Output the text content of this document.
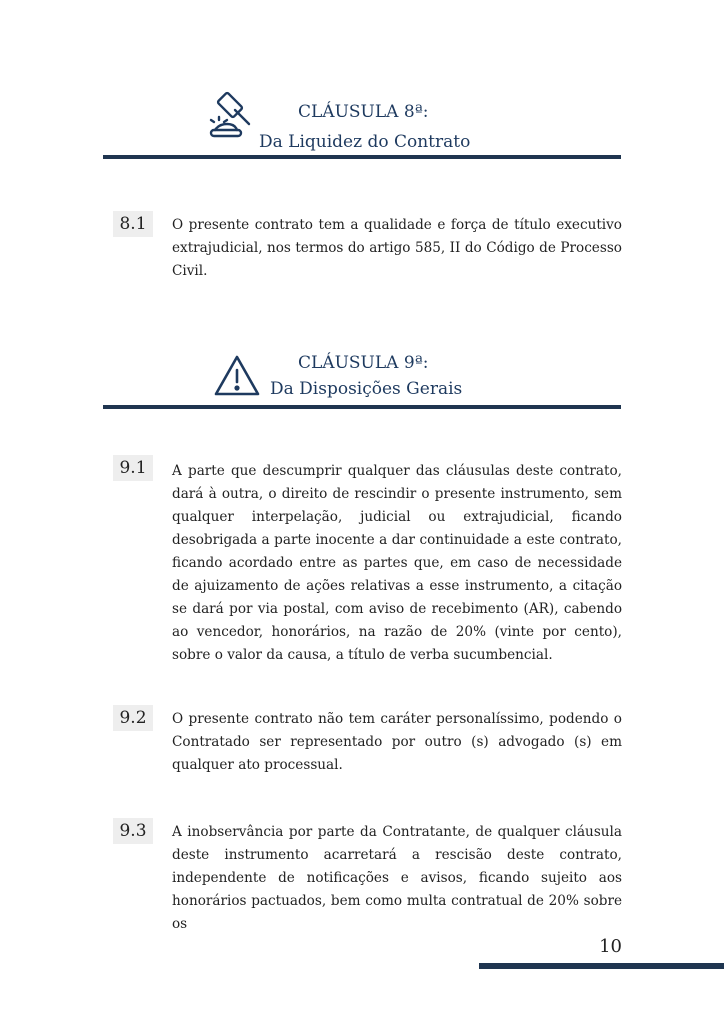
CLÁUSULA 8ª:
Da Liquidez do Contrato
8.1	O presente contrato tem a qualidade e força de título executivo extrajudicial, nos termos do artigo 585, II do Código de Processo Civil.

CLÁUSULA 9ª:
Da Disposições Gerais
9.1	A parte que descumprir qualquer das cláusulas deste contrato, dará à outra, o direito de rescindir o presente instrumento, sem qualquer interpelação, judicial ou extrajudicial, ficando desobrigada a parte inocente a dar continuidade a este contrato, ficando acordado entre as partes que, em caso de necessidade de ajuizamento de ações relativas a esse instrumento, a citação se dará por via postal, com aviso de recebimento (AR), cabendo ao vencedor, honorários, na razão de 20% (vinte por cento), sobre o valor da causa, a título de verba sucumbencial.

9.2	O presente contrato não tem caráter personalíssimo, podendo o Contratado ser representado por outro (s) advogado (s) em qualquer ato processual.

9.3	A inobservância por parte da Contratante, de qualquer cláusula deste instrumento acarretará a rescisão deste contrato, independente de notificações e avisos, ficando sujeito aos honorários pactuados, bem como multa contratual de 20% sobre os

10
